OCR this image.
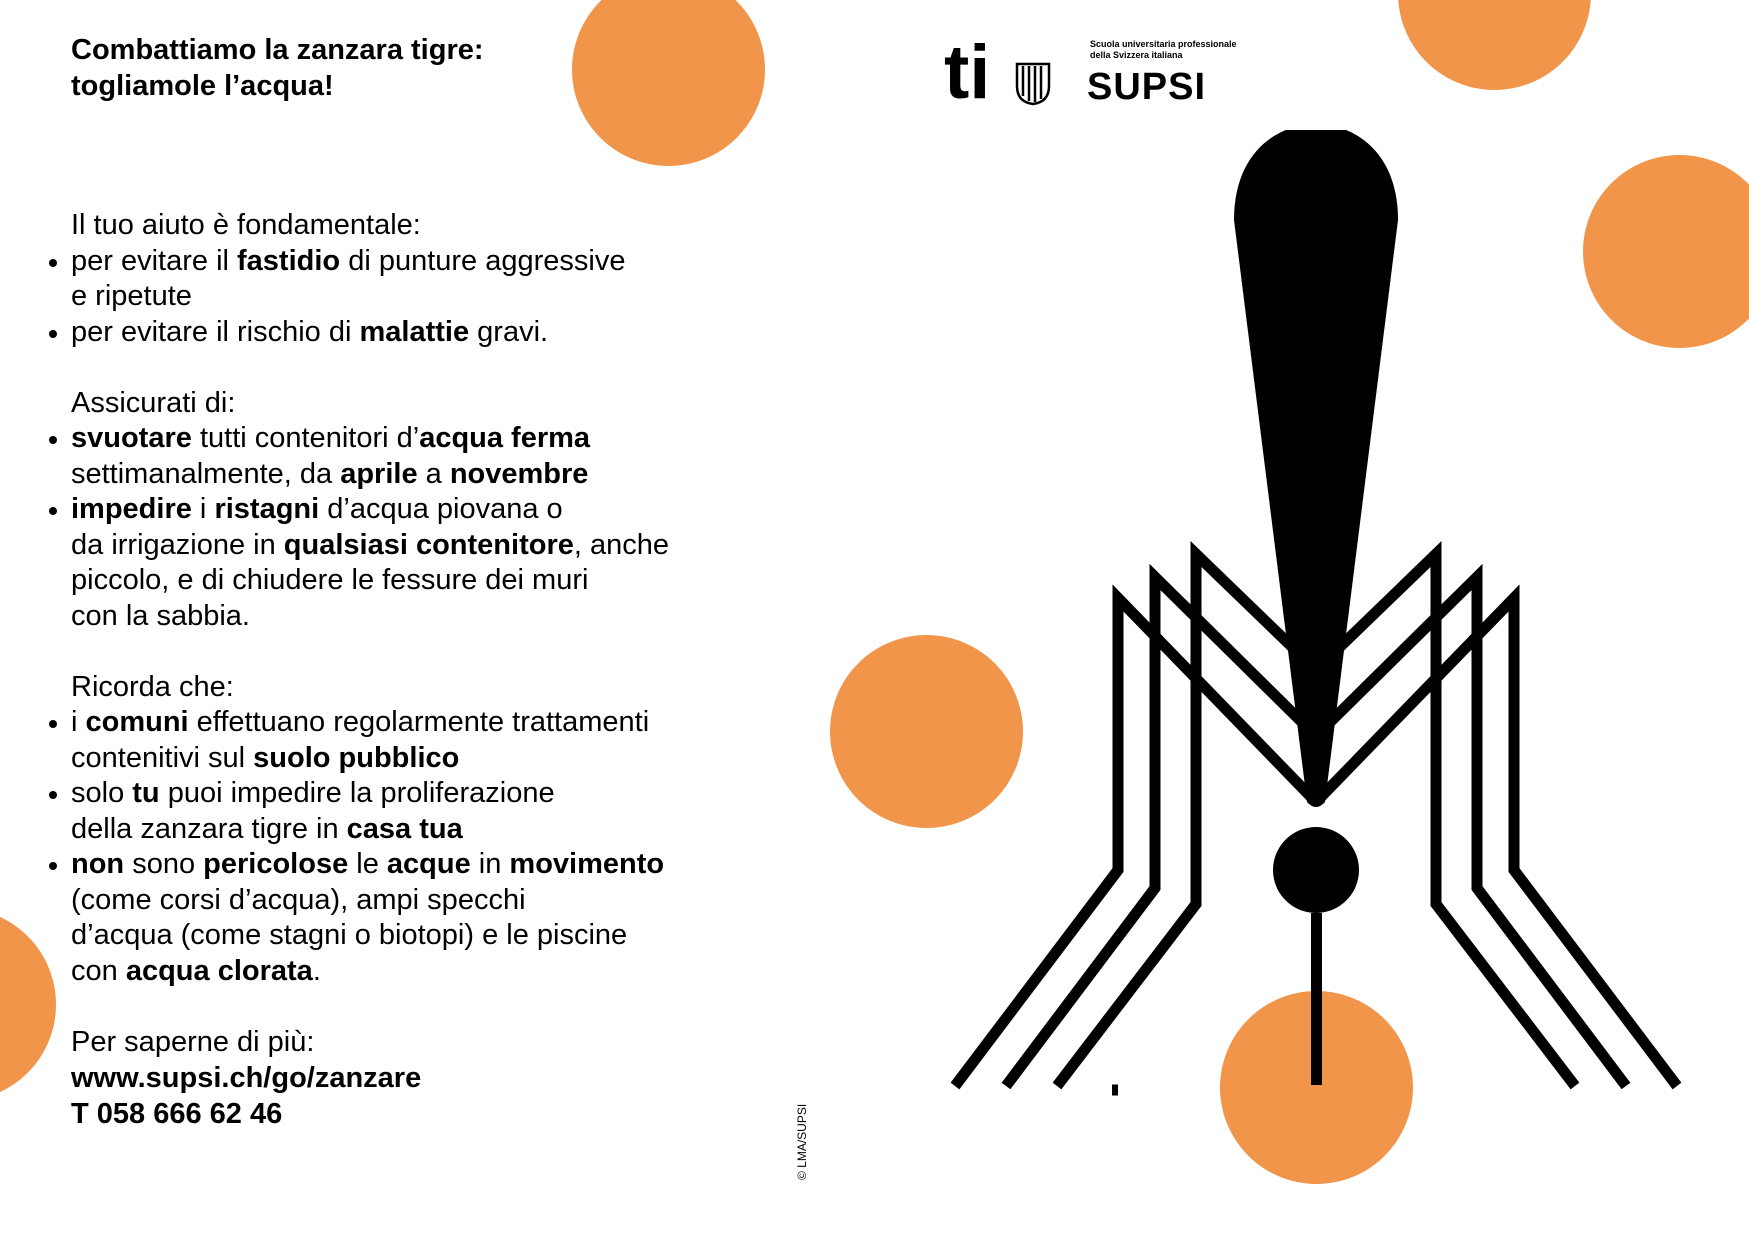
Combattiamo la zanzara tigre:
togliamole l’acqua!

Il tuo aiuto è fondamentale:

per evitare il fastidio di punture aggressive
e ripetute
per evitare il rischio di malattie gravi.

Assicurati di:

svuotare tutti contenitori d’acqua ferma
settimanalmente, da aprile a novembre
impedire i ristagni d’acqua piovana o
da irrigazione in qualsiasi contenitore, anche
piccolo, e di chiudere le fessure dei muri
con la sabbia.

Ricorda che:

i comuni effettuano regolarmente trattamenti
contenitivi sul suolo pubblico
solo tu puoi impedire la proliferazione
della zanzara tigre in casa tua
non sono pericolose le acque in movimento
(come corsi d’acqua), ampi specchi
d’acqua (come stagni o biotopi) e le piscine
con acqua clorata.

Per saperne di più:

www.supsi.ch/go/zanzare
T 058 666 62 46	© LMA/SUPSI
ti	Scuola universitaria professionale
della Svizzera italiana
SUPSI
